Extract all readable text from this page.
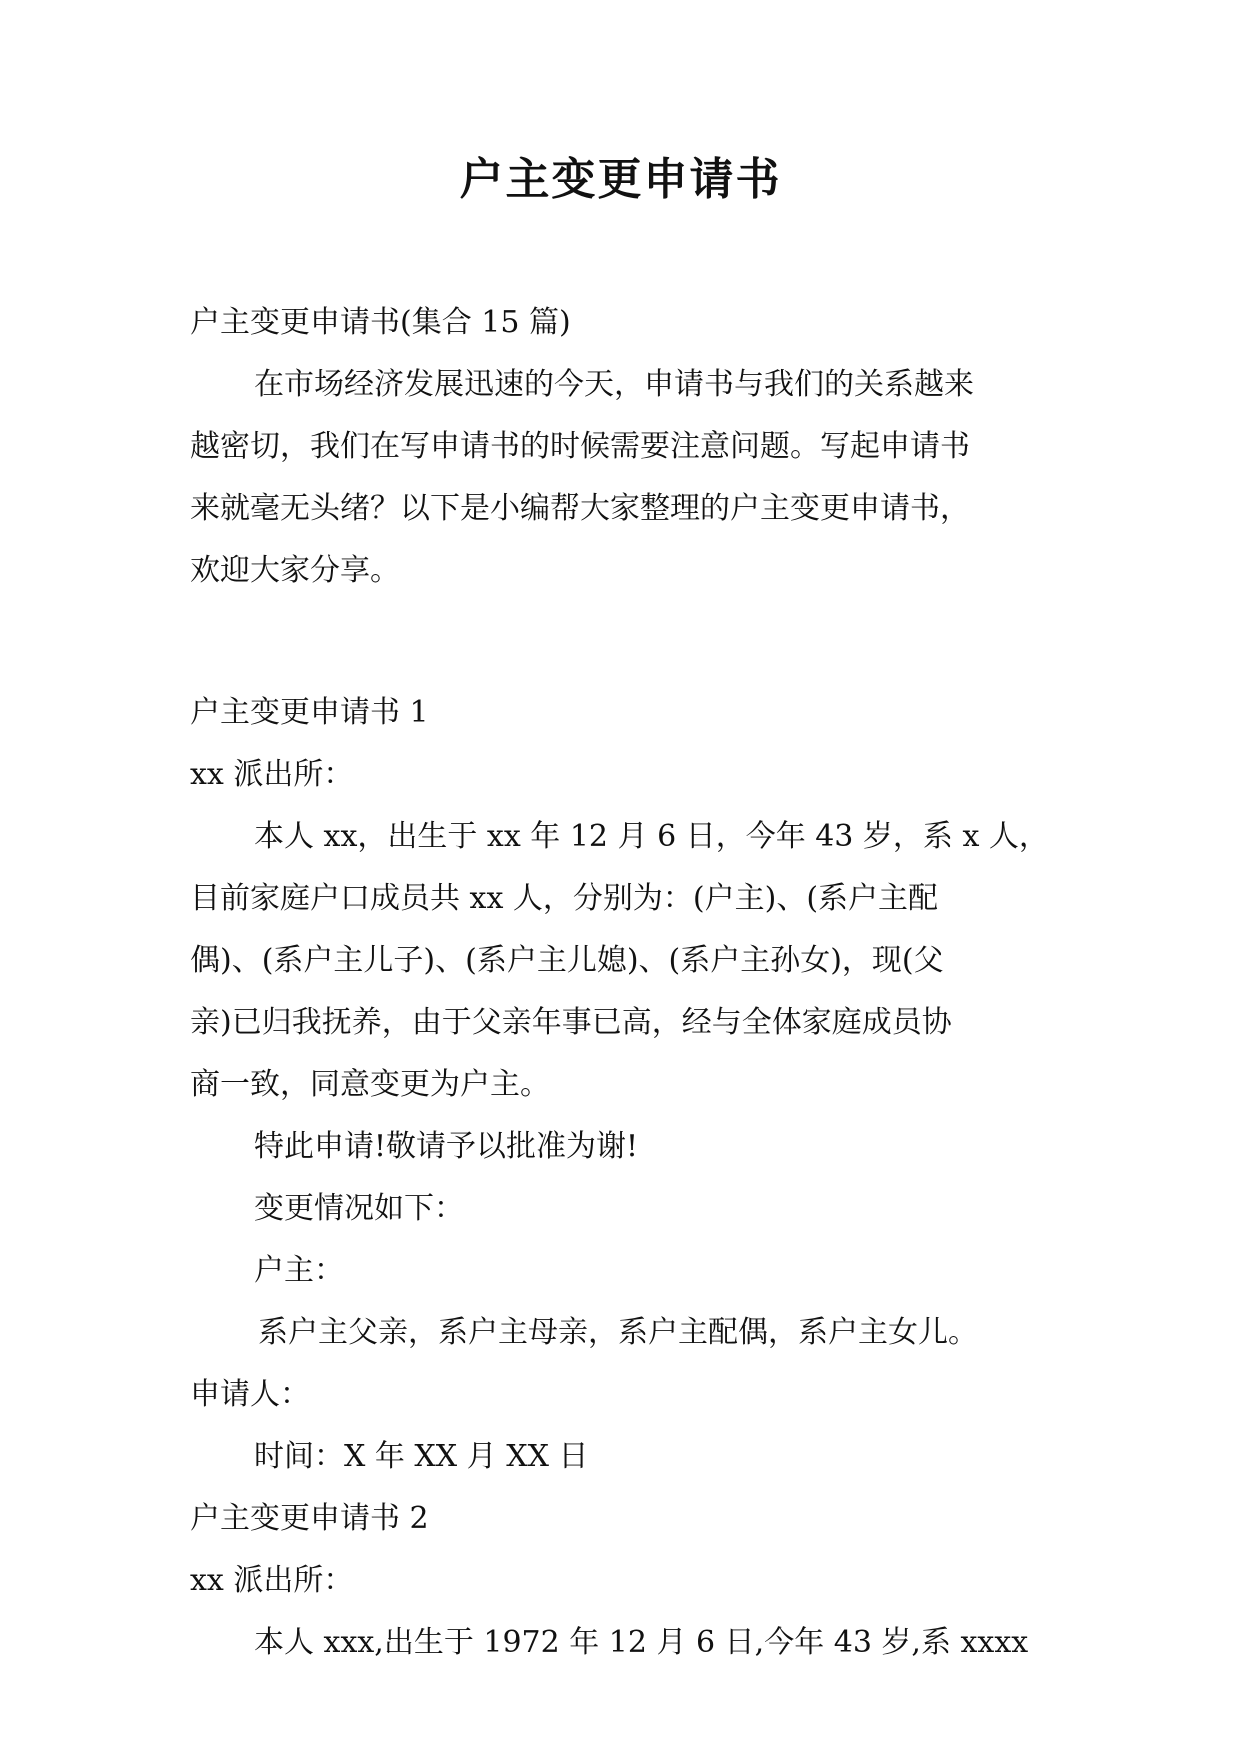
户主变更申请书

户主变更申请书(集合 15 篇)

在市场经济发展迅速的今天，申请书与我们的关系越来

越密切，我们在写申请书的时候需要注意问题。写起申请书

来就毫无头绪？以下是小编帮大家整理的户主变更申请书，

欢迎大家分享。

户主变更申请书 1

xx 派出所：

本人 xx，出生于 xx 年 12 月 6 日，今年 43 岁，系 x 人，

目前家庭户口成员共 xx 人，分别为：(户主)、(系户主配

偶)、(系户主儿子)、(系户主儿媳)、(系户主孙女)，现(父

亲)已归我抚养，由于父亲年事已高，经与全体家庭成员协

商一致，同意变更为户主。

特此申请!敬请予以批准为谢!

变更情况如下：

户主：

系户主父亲，系户主母亲，系户主配偶，系户主女儿。

申请人：

时间：X 年 XX 月 XX 日

户主变更申请书 2

xx 派出所：

本人 xxx,出生于 1972 年 12 月 6 日,今年 43 岁,系 xxxx
